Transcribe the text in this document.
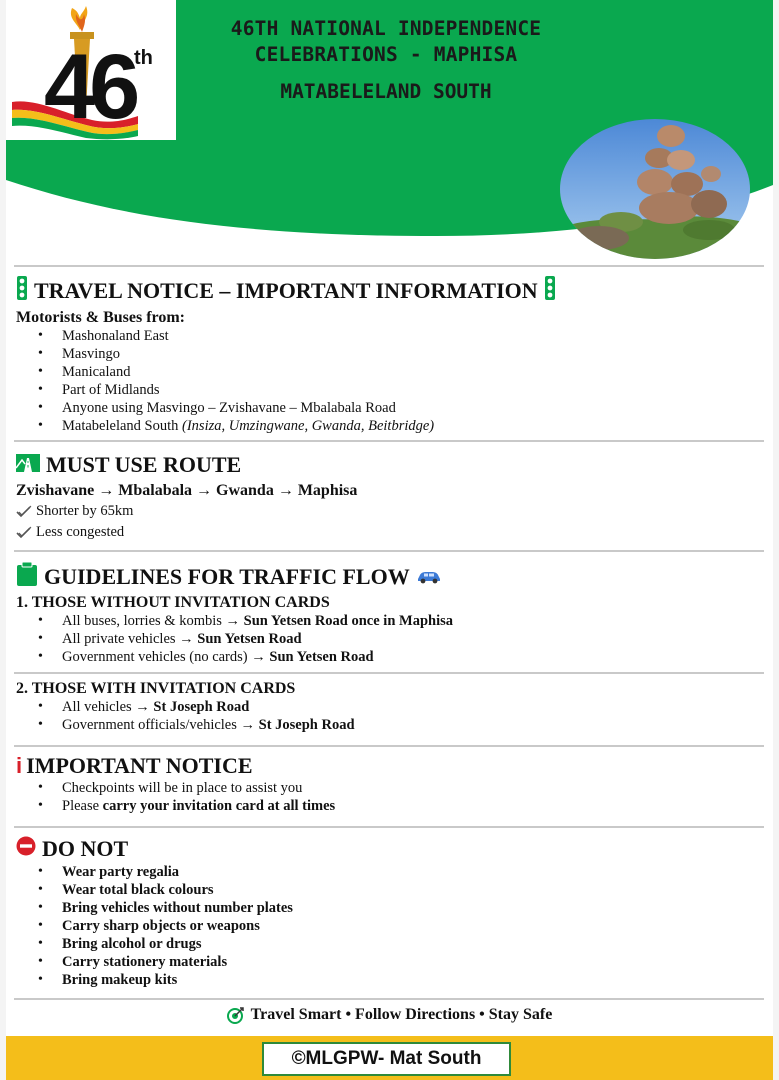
46 th
46TH NATIONAL INDEPENDENCE
CELEBRATIONS - MAPHISA
MATABELELAND SOUTH
TRAVEL NOTICE – IMPORTANT INFORMATION
Motorists & Buses from:
• Mashonaland East
• Masvingo
• Manicaland
• Part of Midlands
• Anyone using Masvingo – Zvishavane – Mbalabala Road
• Matabeleland South (Insiza, Umzingwane, Gwanda, Beitbridge)
MUST USE ROUTE
Zvishavane → Mbalabala → Gwanda → Maphisa
Shorter by 65km
Less congested
GUIDELINES FOR TRAFFIC FLOW
1. THOSE WITHOUT INVITATION CARDS
• All buses, lorries & kombis → Sun Yetsen Road once in Maphisa
• All private vehicles → Sun Yetsen Road
• Government vehicles (no cards) → Sun Yetsen Road
2. THOSE WITH INVITATION CARDS
• All vehicles → St Joseph Road
• Government officials/vehicles → St Joseph Road
i IMPORTANT NOTICE
• Checkpoints will be in place to assist you
• Please carry your invitation card at all times
DO NOT
• Wear party regalia
• Wear total black colours
• Bring vehicles without number plates
• Carry sharp objects or weapons
• Bring alcohol or drugs
• Carry stationery materials
• Bring makeup kits
Travel Smart • Follow Directions • Stay Safe
©MLGPW- Mat South
